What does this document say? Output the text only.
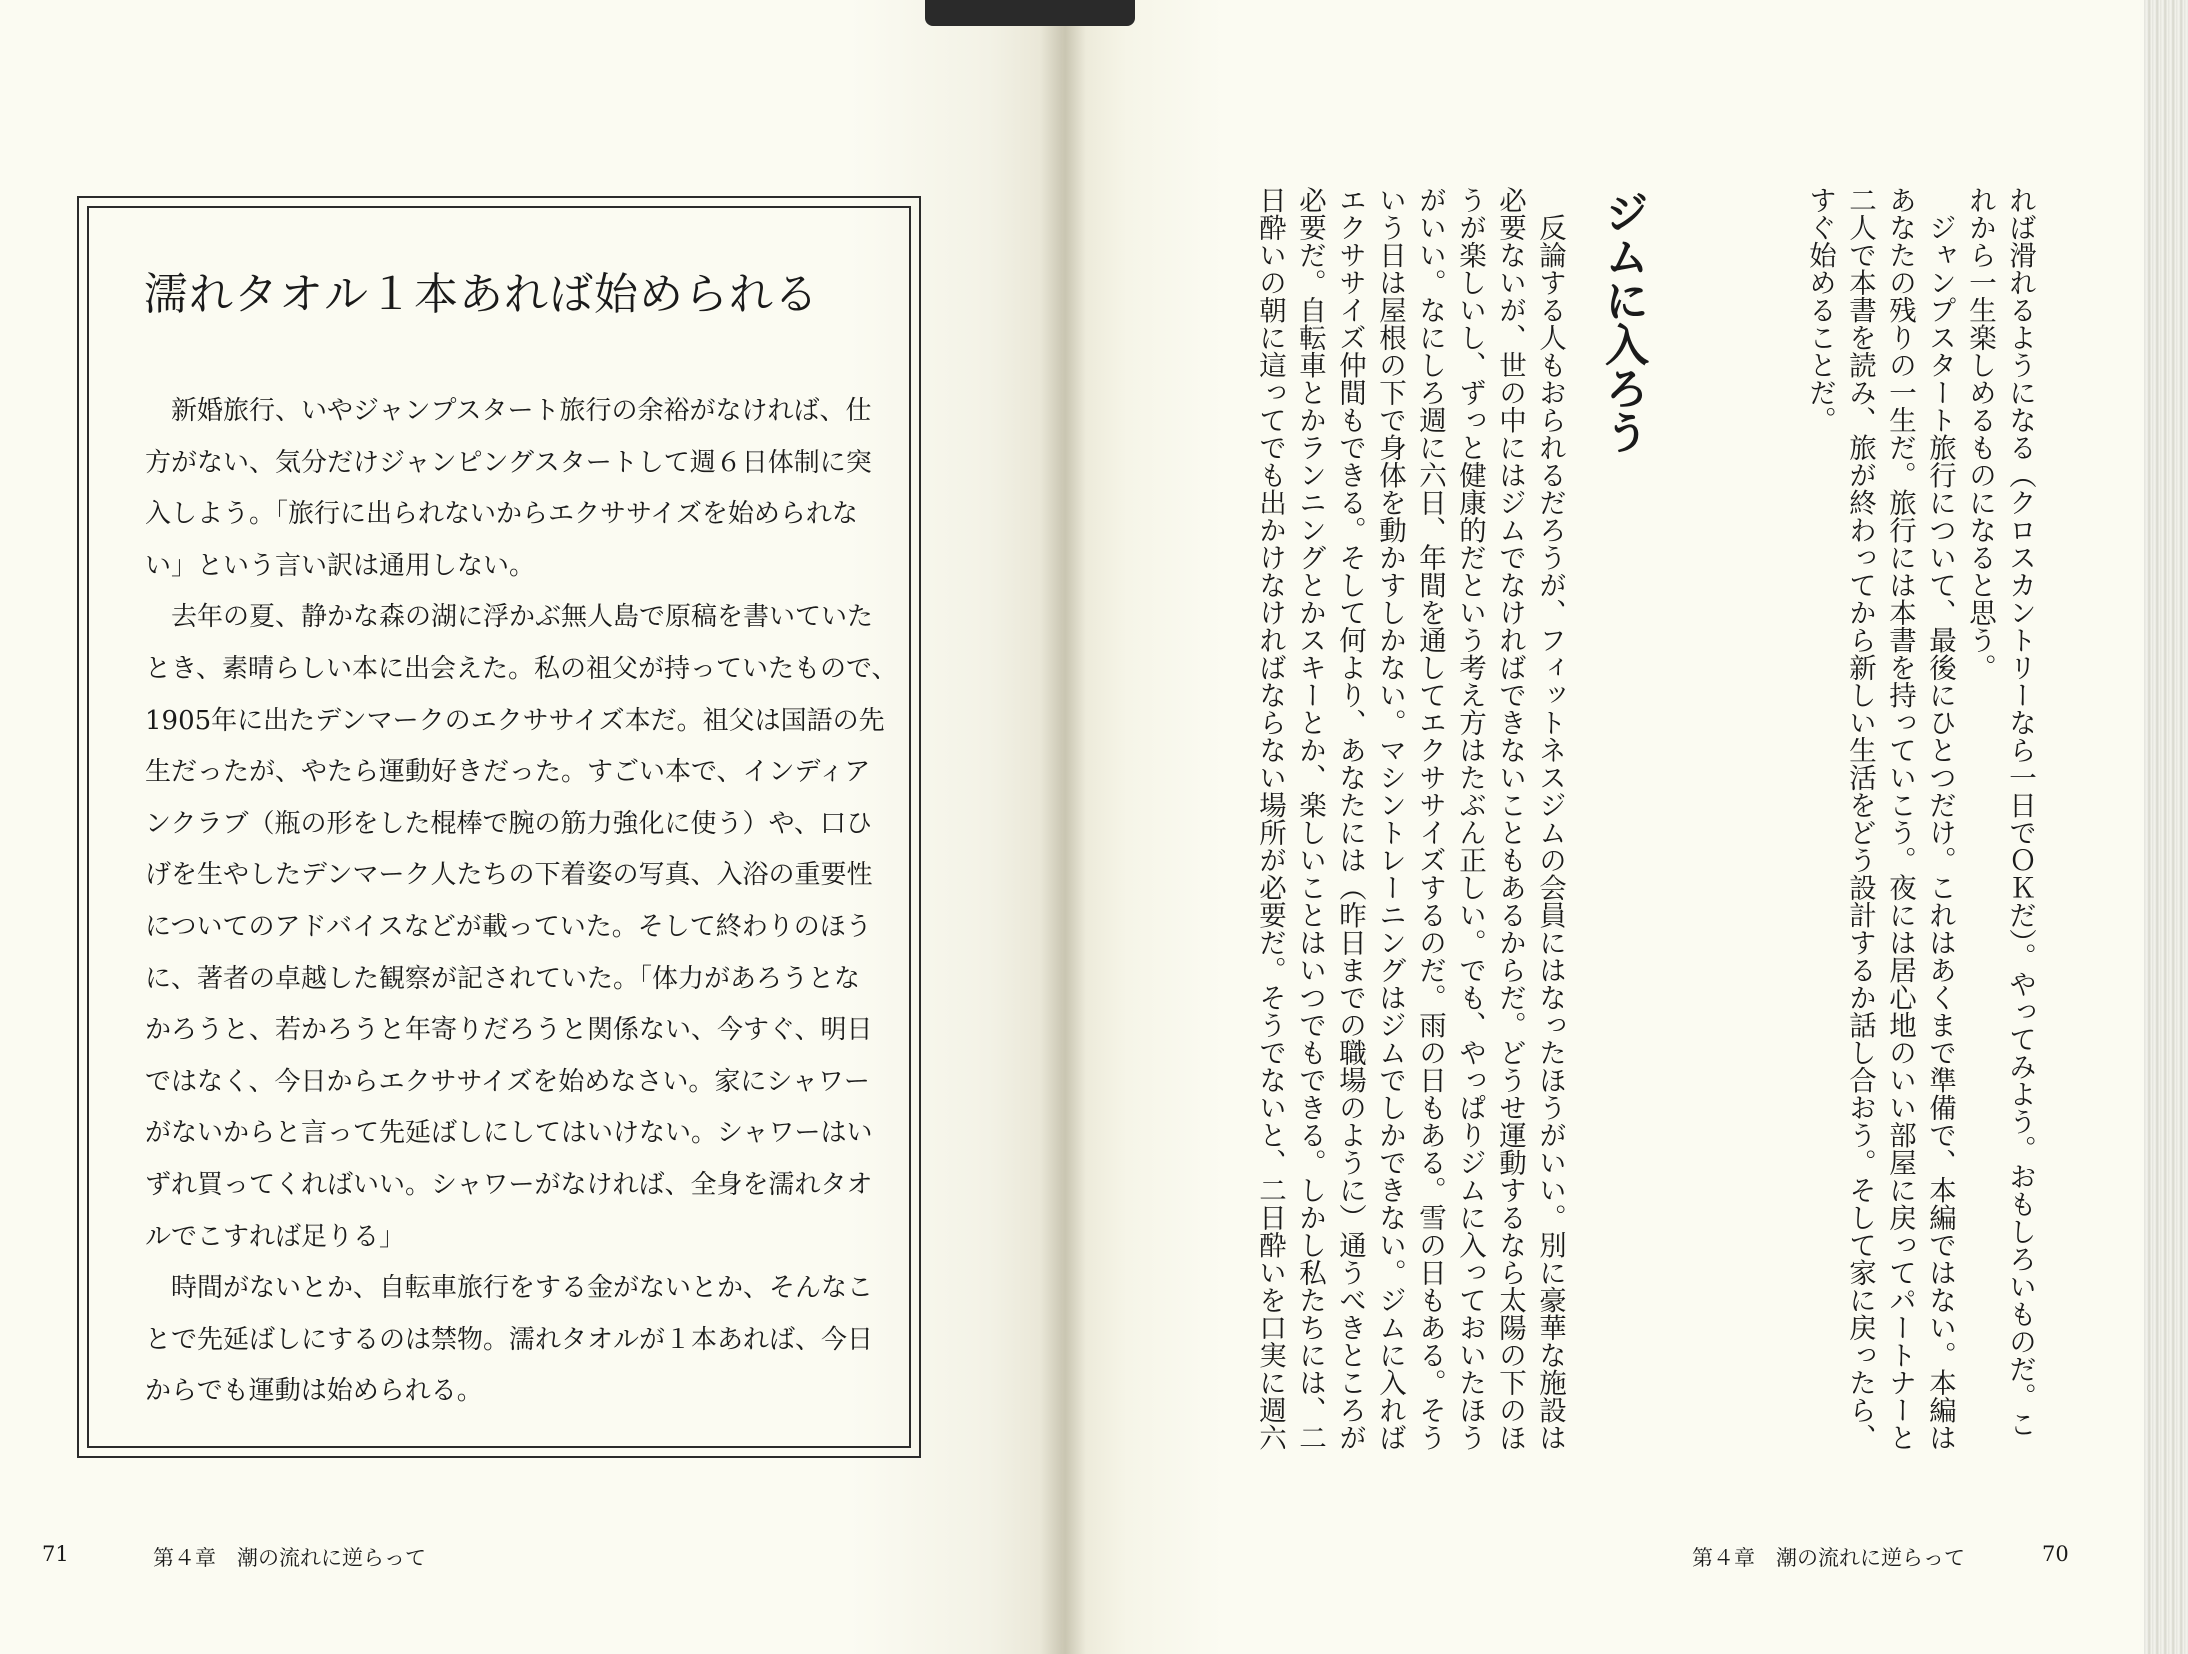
濡れタオル１本あれば始められる
　新婚旅行、いやジャンプスタート旅行の余裕がなければ、仕
方がない、気分だけジャンピングスタートして週６日体制に突
入しよう。「旅行に出られないからエクササイズを始められな
い」という言い訳は通用しない。
　去年の夏、静かな森の湖に浮かぶ無人島で原稿を書いていた
とき、素晴らしい本に出会えた。私の祖父が持っていたもので、
1905年に出たデンマークのエクササイズ本だ。祖父は国語の先
生だったが、やたら運動好きだった。すごい本で、インディア
ンクラブ（瓶の形をした棍棒で腕の筋力強化に使う）や、口ひ
げを生やしたデンマーク人たちの下着姿の写真、入浴の重要性
についてのアドバイスなどが載っていた。そして終わりのほう
に、著者の卓越した観察が記されていた。「体力があろうとな
かろうと、若かろうと年寄りだろうと関係ない、今すぐ、明日
ではなく、今日からエクササイズを始めなさい。家にシャワー
がないからと言って先延ばしにしてはいけない。シャワーはい
ずれ買ってくればいい。シャワーがなければ、全身を濡れタオ
ルでこすれば足りる」
　時間がないとか、自転車旅行をする金がないとか、そんなこ
とで先延ばしにするのは禁物。濡れタオルが１本あれば、今日
からでも運動は始められる。
71	第４章　潮の流れに逆らって
れば滑れるようになる（クロスカントリーなら一日でＯＫだ）。やってみよう。おもしろいものだ。こ
れから一生楽しめるものになると思う。
　ジャンプスタート旅行について、最後にひとつだけ。これはあくまで準備で、本編ではない。本編は
あなたの残りの一生だ。旅行には本書を持っていこう。夜には居心地のいい部屋に戻ってパートナーと
二人で本書を読み、旅が終わってから新しい生活をどう設計するか話し合おう。そして家に戻ったら、
すぐ始めることだ。
ジムに入ろう
　反論する人もおられるだろうが、フィットネスジムの会員にはなったほうがいい。別に豪華な施設は
必要ないが、世の中にはジムでなければできないこともあるからだ。どうせ運動するなら太陽の下のほ
うが楽しいし、ずっと健康的だという考え方はたぶん正しい。でも、やっぱりジムに入っておいたほう
がいい。なにしろ週に六日、年間を通してエクササイズするのだ。雨の日もある。雪の日もある。そう
いう日は屋根の下で身体を動かすしかない。マシントレーニングはジムでしかできない。ジムに入れば
エクササイズ仲間もできる。そして何より、あなたには（昨日までの職場のように）通うべきところが
必要だ。自転車とかランニングとかスキーとか、楽しいことはいつでもできる。しかし私たちには、二
日酔いの朝に這ってでも出かけなければならない場所が必要だ。そうでないと、二日酔いを口実に週六
第４章　潮の流れに逆らって	70
